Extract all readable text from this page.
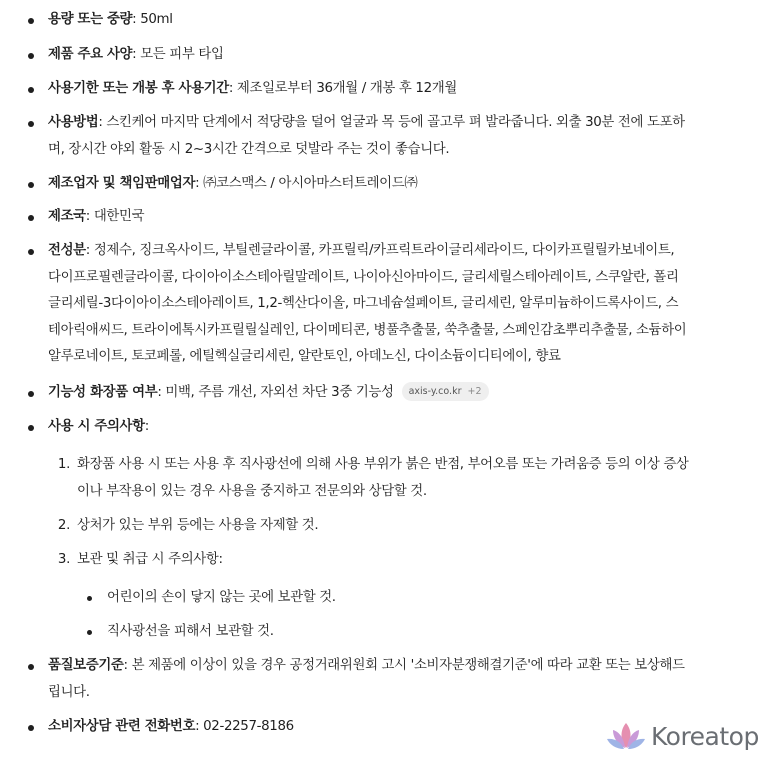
용량 또는 중량: 50ml
제품 주요 사양: 모든 피부 타입
사용기한 또는 개봉 후 사용기간: 제조일로부터 36개월 / 개봉 후 12개월
사용방법: 스킨케어 마지막 단계에서 적당량을 덜어 얼굴과 목 등에 골고루 펴 발라줍니다. 외출 30분 전에 도포하
며, 장시간 야외 활동 시 2~3시간 간격으로 덧발라 주는 것이 좋습니다.
제조업자 및 책임판매업자: ㈜코스맥스 / 아시아마스터트레이드㈜
제조국: 대한민국
전성분: 정제수, 징크옥사이드, 부틸렌글라이콜, 카프릴릭/카프릭트라이글리세라이드, 다이카프릴릴카보네이트,
다이프로필렌글라이콜, 다이아이소스테아릴말레이트, 나이아신아마이드, 글리세릴스테아레이트, 스쿠알란, 폴리
글리세릴-3다이아이소스테아레이트, 1,2-헥산다이올, 마그네슘설페이트, 글리세린, 알루미늄하이드록사이드, 스
테아릭애씨드, 트라이에톡시카프릴릴실레인, 다이메티콘, 병풀추출물, 쑥추출물, 스페인감초뿌리추출물, 소듐하이
알루로네이트, 토코페롤, 에틸헥실글리세린, 알란토인, 아데노신, 다이소듐이디티에이, 향료
기능성 화장품 여부: 미백, 주름 개선, 자외선 차단 3중 기능성 axis-y.co.kr +2
사용 시 주의사항:
1. 화장품 사용 시 또는 사용 후 직사광선에 의해 사용 부위가 붉은 반점, 부어오름 또는 가려움증 등의 이상 증상
이나 부작용이 있는 경우 사용을 중지하고 전문의와 상담할 것.
2. 상처가 있는 부위 등에는 사용을 자제할 것.
3. 보관 및 취급 시 주의사항:
어린이의 손이 닿지 않는 곳에 보관할 것.
직사광선을 피해서 보관할 것.
품질보증기준: 본 제품에 이상이 있을 경우 공정거래위원회 고시 '소비자분쟁해결기준'에 따라 교환 또는 보상해드
립니다.
소비자상담 관련 전화번호: 02-2257-8186	Koreatop
